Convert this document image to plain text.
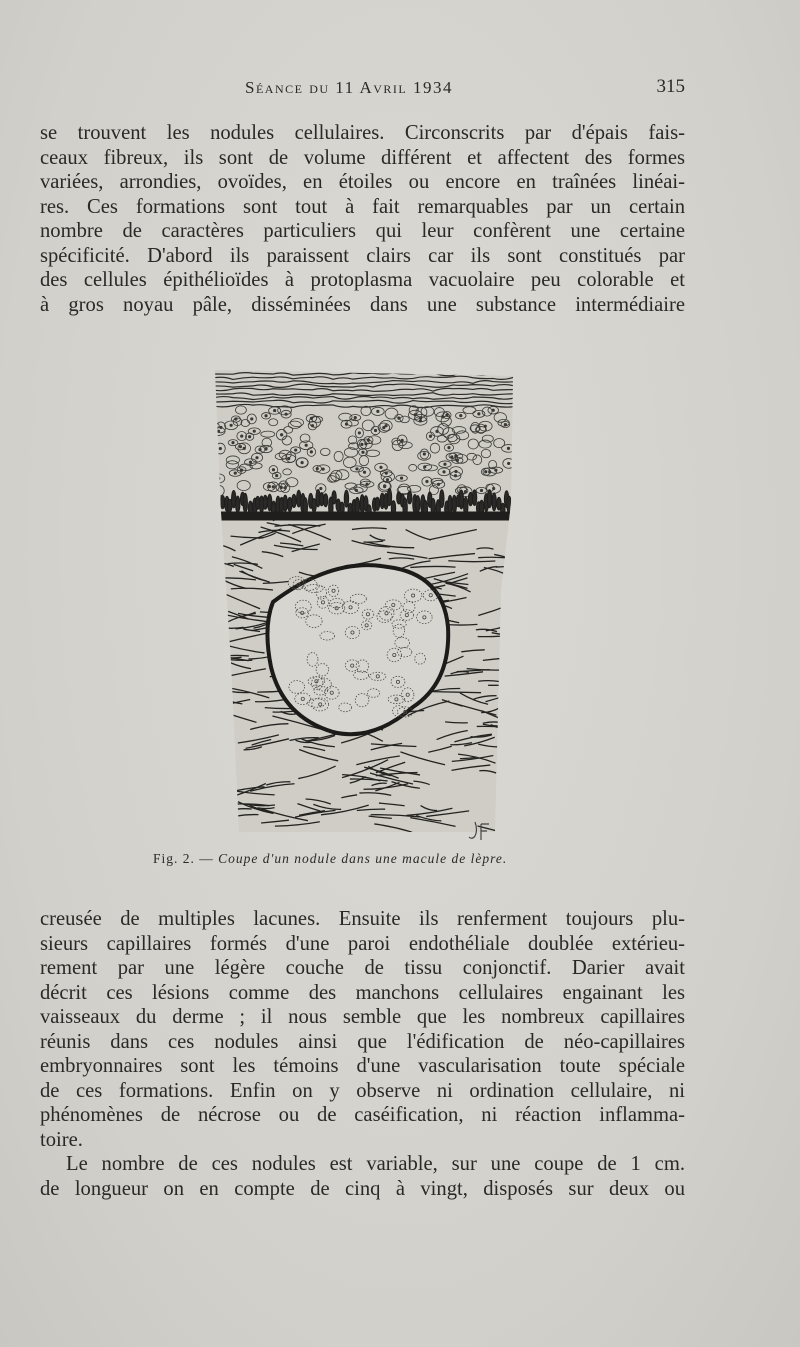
Séance du 11 Avril 1934	315
se trouvent les nodules cellulaires. Circonscrits par d'épais fais-
ceaux fibreux, ils sont de volume différent et affectent des formes
variées, arrondies, ovoïdes, en étoiles ou encore en traînées linéai-
res. Ces formations sont tout à fait remarquables par un certain
nombre de caractères particuliers qui leur confèrent une certaine
spécificité. D'abord ils paraissent clairs car ils sont constitués par
des cellules épithélioïdes à protoplasma vacuolaire peu colorable et
à gros noyau pâle, disséminées dans une substance intermédiaire
Fig. 2. — Coupe d'un nodule dans une macule de lèpre.
creusée de multiples lacunes. Ensuite ils renferment toujours plu-
sieurs capillaires formés d'une paroi endothéliale doublée extérieu-
rement par une légère couche de tissu conjonctif. Darier avait
décrit ces lésions comme des manchons cellulaires engainant les
vaisseaux du derme ; il nous semble que les nombreux capillaires
réunis dans ces nodules ainsi que l'édification de néo-capillaires
embryonnaires sont les témoins d'une vascularisation toute spéciale
de ces formations. Enfin on y observe ni ordination cellulaire, ni
phénomènes de nécrose ou de caséification, ni réaction inflamma-
toire.
Le nombre de ces nodules est variable, sur une coupe de 1 cm.
de longueur on en compte de cinq à vingt, disposés sur deux ou
